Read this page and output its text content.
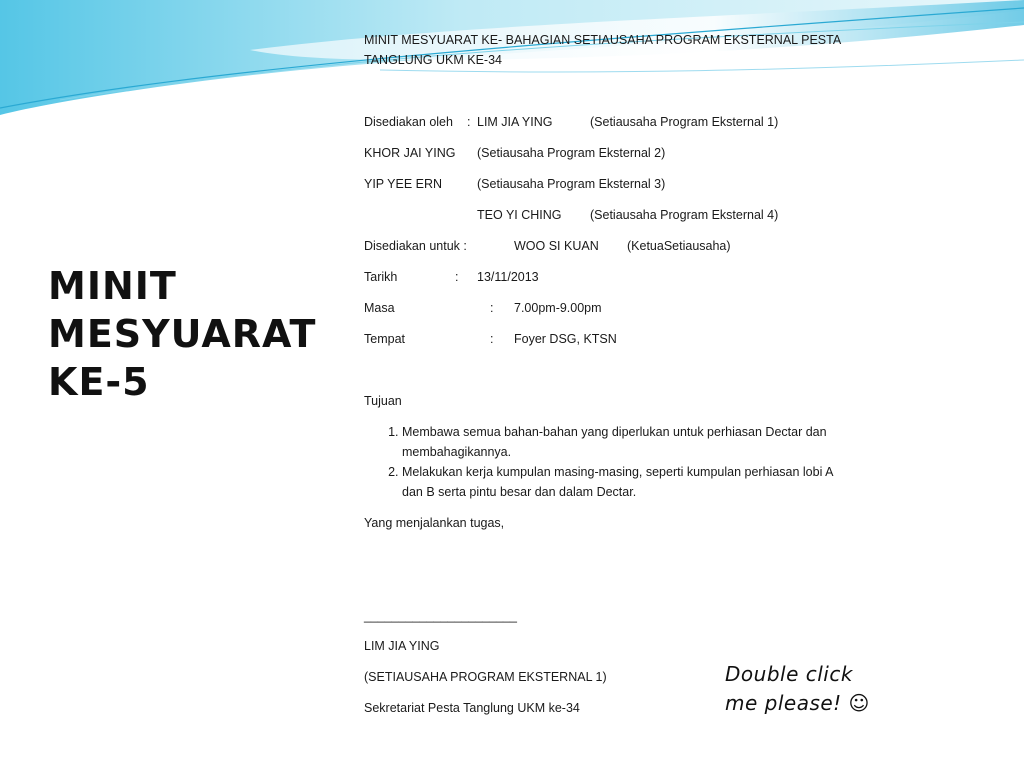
MINIT
MESYUARAT
KE-5

MINIT MESYUARAT KE- BAHAGIAN SETIAUSAHA PROGRAM EKSTERNAL PESTA TANGLUNG UKM KE-34

Disediakan oleh : LIM JIA YING	(Setiausaha Program Eksternal 1)
KHOR JAI YING (Setiausaha Program Eksternal 2)
YIP YEE ERN	(Setiausaha Program Eksternal 3)
TEO YI CHING (Setiausaha Program Eksternal 4)
Disediakan untuk :	WOO SI KUAN (KetuaSetiausaha)
Tarikh	: 13/11/2013
Masa	: 7.00pm-9.00pm
Tempat	: Foyer DSG, KTSN
Tujuan
1. Membawa semua bahan-bahan yang diperlukan untuk perhiasan Dectar dan membahagikannya.
2. Melakukan kerja kumpulan masing-masing, seperti kumpulan perhiasan lobi A dan B serta pintu besar dan dalam Dectar.
Yang menjalankan tugas,
______________________
LIM JIA YING
(SETIAUSAHA PROGRAM EKSTERNAL 1)
Sekretariat Pesta Tanglung UKM ke-34
Double click
me please! ☺
